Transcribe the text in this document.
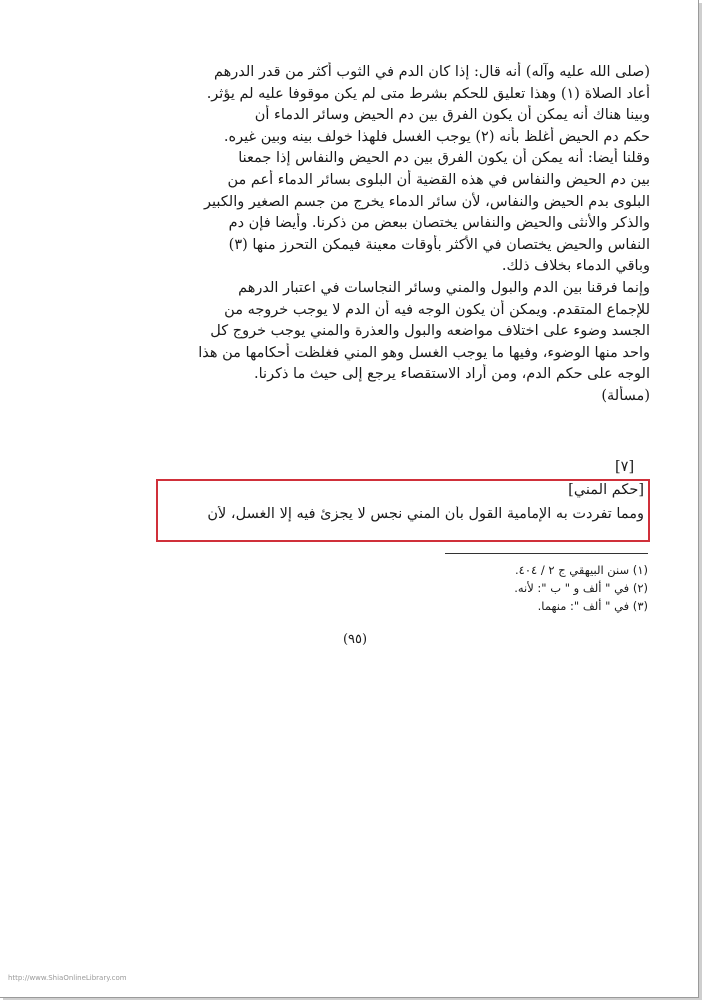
(صلى الله عليه وآله) أنه قال: إذا كان الدم في الثوب أكثر من قدر الدرهم
أعاد الصلاة (١) وهذا تعليق للحكم بشرط متى لم يكن موقوفا عليه لم يؤثر.
وبينا هناك أنه يمكن أن يكون الفرق بين دم الحيض وسائر الدماء أن
حكم دم الحيض أغلظ بأنه (٢) يوجب الغسل فلهذا خولف بينه وبين غيره.
وقلنا أيضا: أنه يمكن أن يكون الفرق بين دم الحيض والنفاس إذا جمعنا
بين دم الحيض والنفاس في هذه القضية أن البلوى بسائر الدماء أعم من
البلوى بدم الحيض والنفاس، لأن سائر الدماء يخرج من جسم الصغير والكبير
والذكر والأنثى والحيض والنفاس يختصان ببعض من ذكرنا. وأيضا فإن دم
النفاس والحيض يختصان في الأكثر بأوقات معينة فيمكن التحرز منها (٣)
وباقي الدماء بخلاف ذلك.
وإنما فرقنا بين الدم والبول والمني وسائر النجاسات في اعتبار الدرهم
للإجماع المتقدم. ويمكن أن يكون الوجه فيه أن الدم لا يوجب خروجه من
الجسد وضوء على اختلاف مواضعه والبول والعذرة والمني يوجب خروج كل
واحد منها الوضوء، وفيها ما يوجب الغسل وهو المني فغلظت أحكامها من هذا
الوجه على حكم الدم، ومن أراد الاستقصاء يرجع إلى حيث ما ذكرنا.
(مسألة)
[٧]
[حكم المني]
ومما تفردت به الإمامية القول بأن المني نجس لا يجزئ فيه إلا الغسل، لأن
(١) سنن البيهقي ج ٢ / ٤٠٤.
(٢) في " ألف و " ب ": لأنه.
(٣) في " ألف ": منهما.
(٩٥)
http://www.ShiaOnlineLibrary.com
